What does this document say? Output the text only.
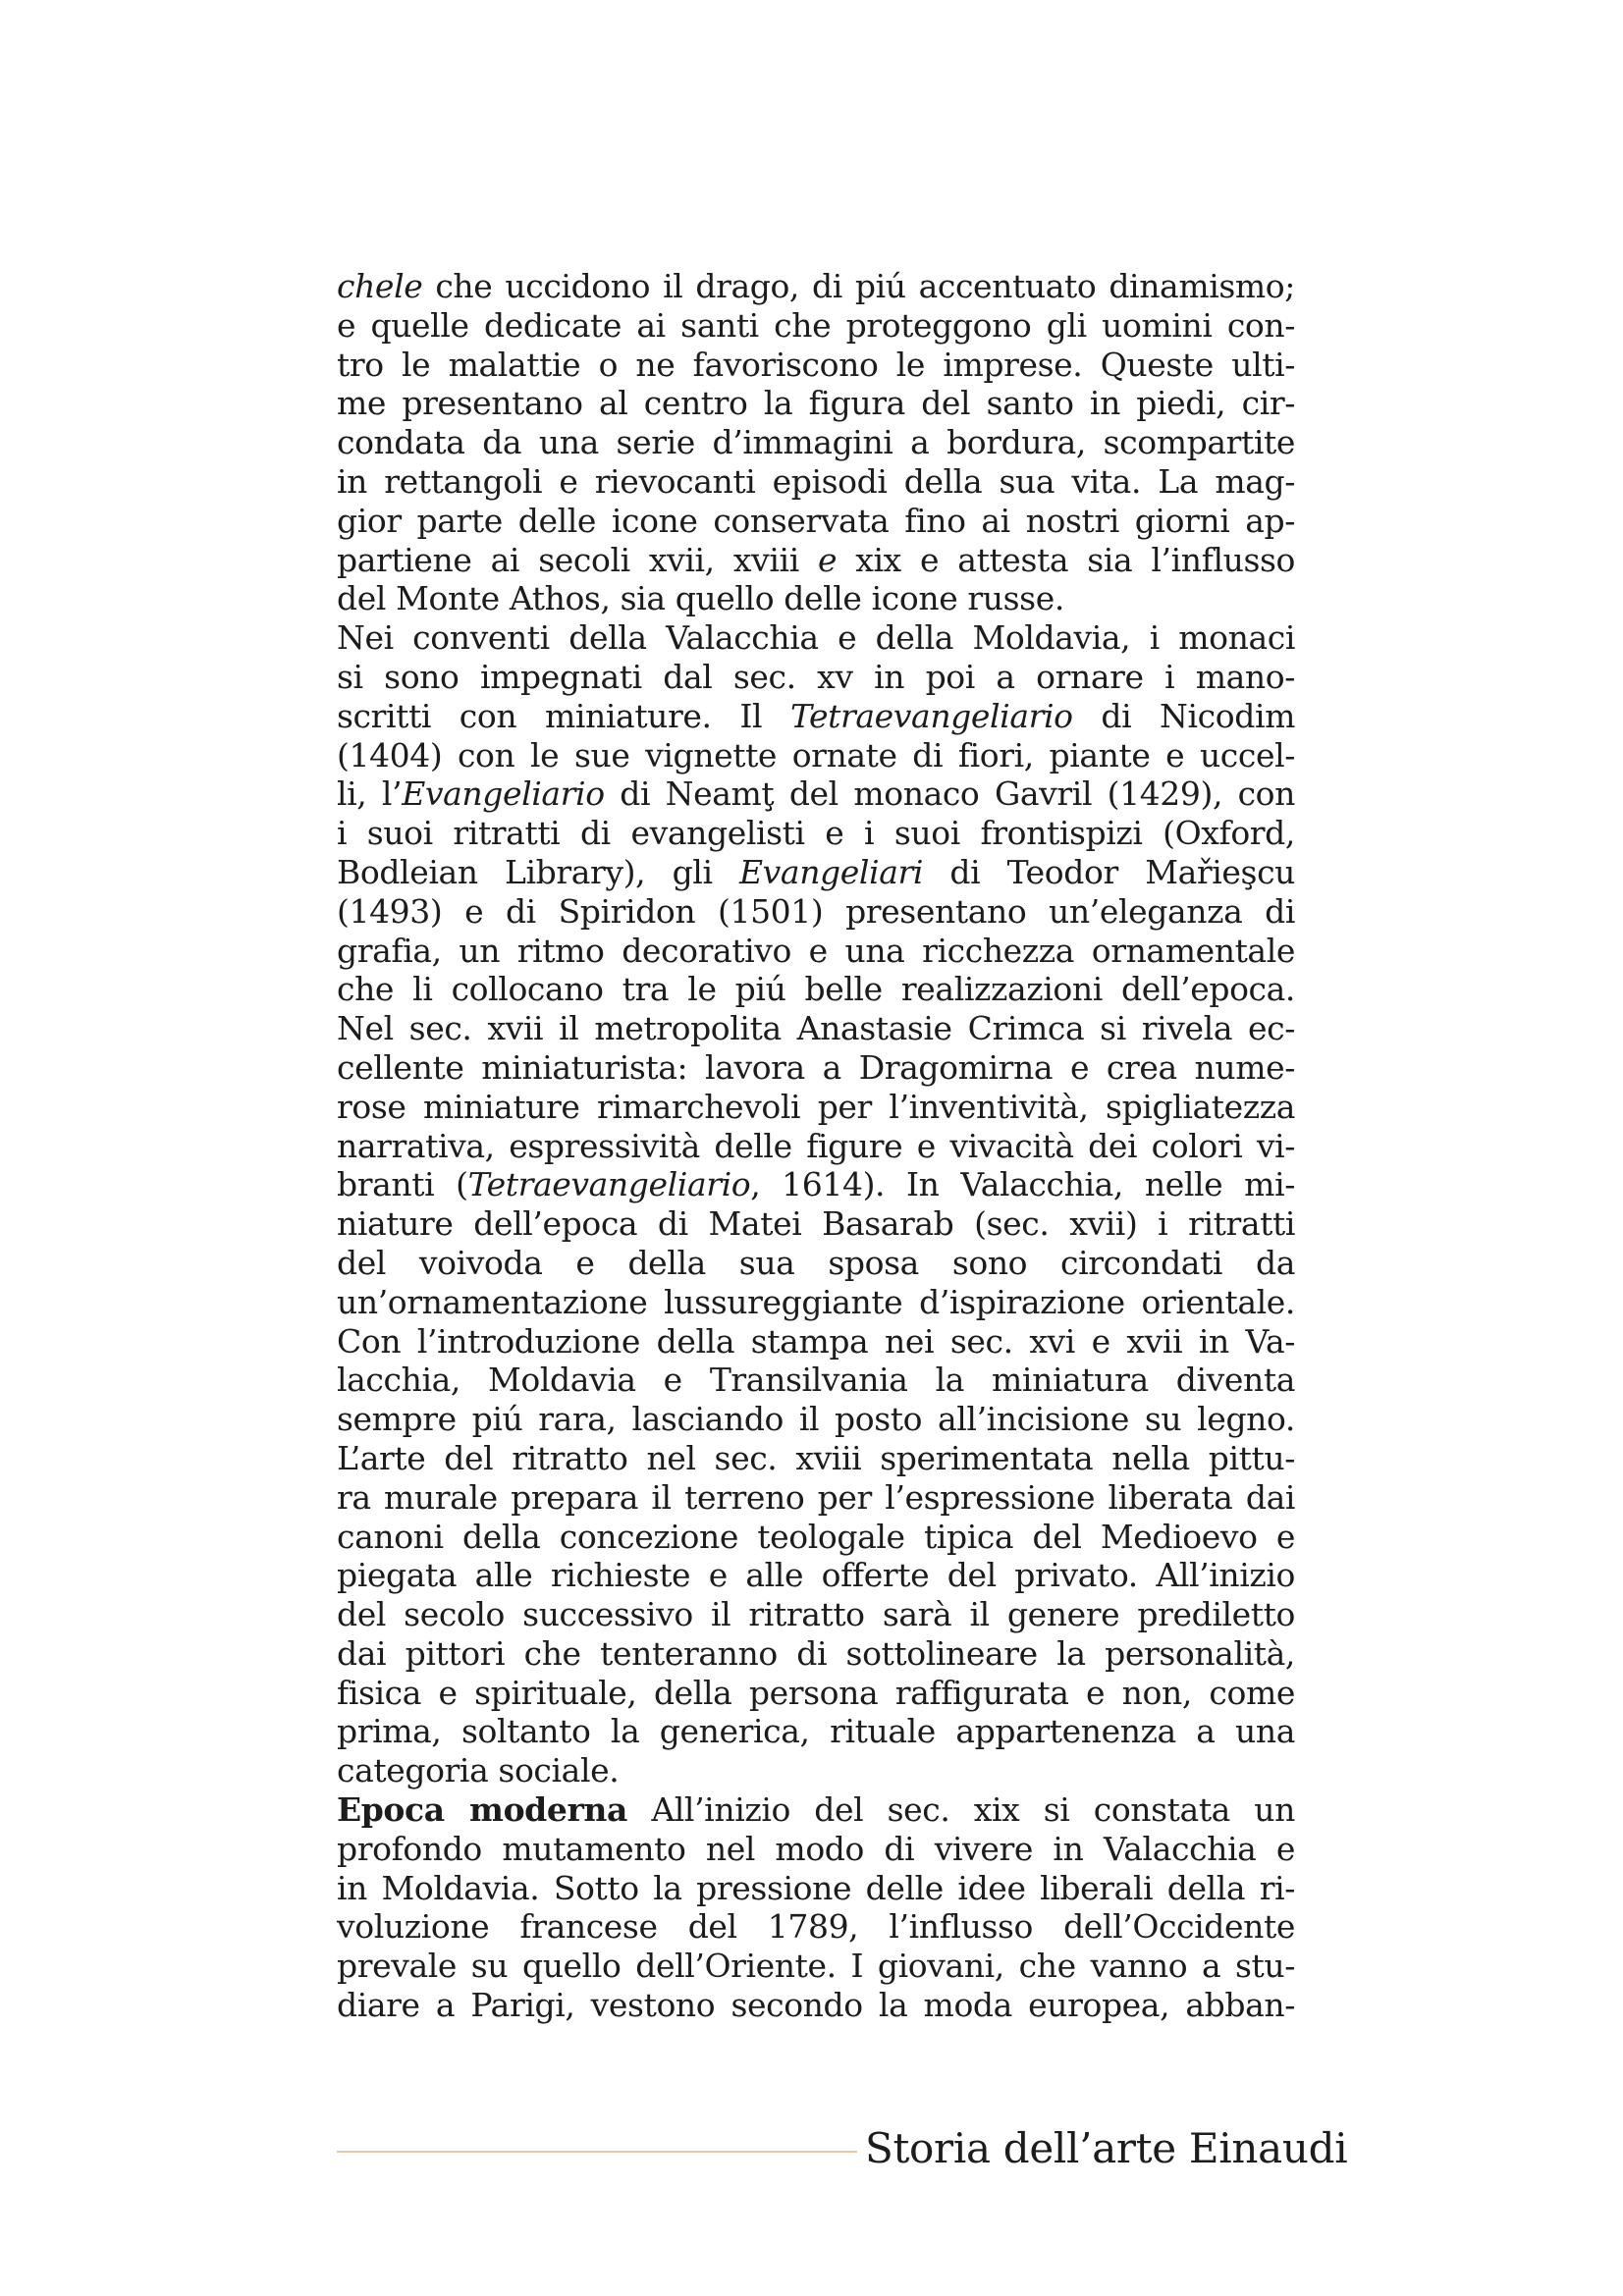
chele che uccidono il drago, di piú accentuato dinamismo;
e quelle dedicate ai santi che proteggono gli uomini con-
tro le malattie o ne favoriscono le imprese. Queste ulti-
me presentano al centro la figura del santo in piedi, cir-
condata da una serie d’immagini a bordura, scompartite
in rettangoli e rievocanti episodi della sua vita. La mag-
gior parte delle icone conservata fino ai nostri giorni ap-
partiene ai secoli xvii, xviii e xix e attesta sia l’influsso
del Monte Athos, sia quello delle icone russe.
Nei conventi della Valacchia e della Moldavia, i monaci
si sono impegnati dal sec. xv in poi a ornare i mano-
scritti con miniature. Il Tetraevangeliario di Nicodim
(1404) con le sue vignette ornate di fiori, piante e uccel-
li, l’Evangeliario di Neamţ del monaco Gavril (1429), con
i suoi ritratti di evangelisti e i suoi frontispizi (Oxford,
Bodleian Library), gli Evangeliari di Teodor Mařieşcu
(1493) e di Spiridon (1501) presentano un’eleganza di
grafia, un ritmo decorativo e una ricchezza ornamentale
che li collocano tra le piú belle realizzazioni dell’epoca.
Nel sec. xvii il metropolita Anastasie Crimca si rivela ec-
cellente miniaturista: lavora a Dragomirna e crea nume-
rose miniature rimarchevoli per l’inventività, spigliatezza
narrativa, espressività delle figure e vivacità dei colori vi-
branti (Tetraevangeliario, 1614). In Valacchia, nelle mi-
niature dell’epoca di Matei Basarab (sec. xvii) i ritratti
del voivoda e della sua sposa sono circondati da
un’ornamentazione lussureggiante d’ispirazione orientale.
Con l’introduzione della stampa nei sec. xvi e xvii in Va-
lacchia, Moldavia e Transilvania la miniatura diventa
sempre piú rara, lasciando il posto all’incisione su legno.
L’arte del ritratto nel sec. xviii sperimentata nella pittu-
ra murale prepara il terreno per l’espressione liberata dai
canoni della concezione teologale tipica del Medioevo e
piegata alle richieste e alle offerte del privato. All’inizio
del secolo successivo il ritratto sarà il genere prediletto
dai pittori che tenteranno di sottolineare la personalità,
fisica e spirituale, della persona raffigurata e non, come
prima, soltanto la generica, rituale appartenenza a una
categoria sociale.
Epoca moderna All’inizio del sec. xix si constata un
profondo mutamento nel modo di vivere in Valacchia e
in Moldavia. Sotto la pressione delle idee liberali della ri-
voluzione francese del 1789, l’influsso dell’Occidente
prevale su quello dell’Oriente. I giovani, che vanno a stu-
diare a Parigi, vestono secondo la moda europea, abban-
Storia dell’arte Einaudi
